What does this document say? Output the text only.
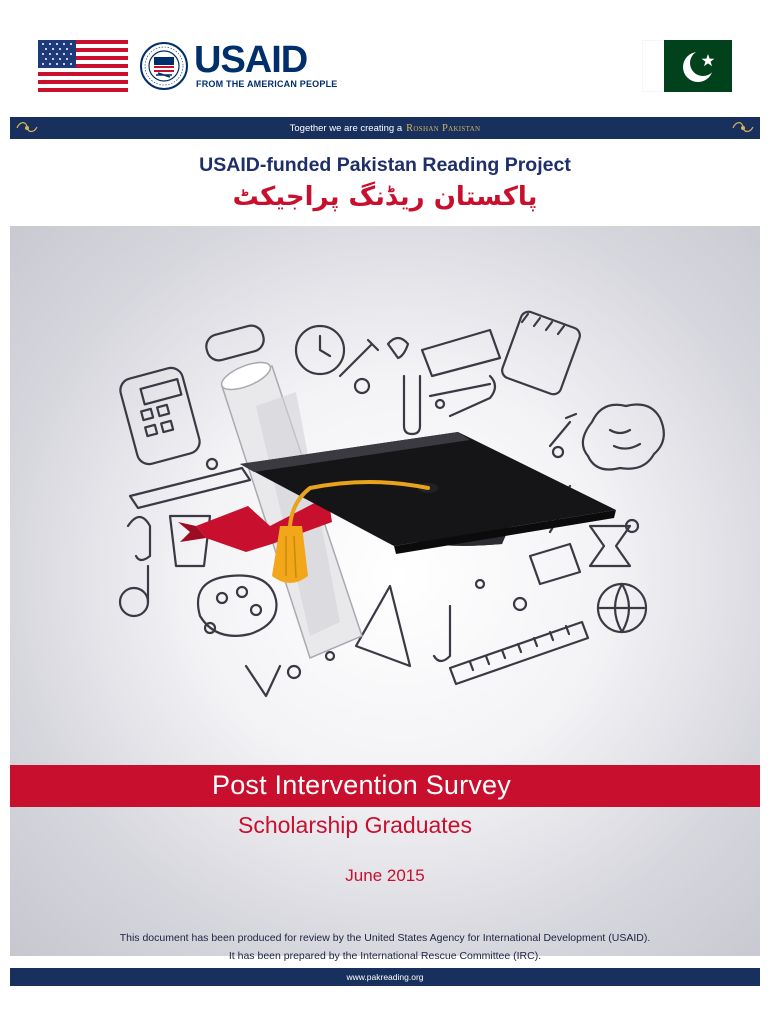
USAID
FROM THE AMERICAN PEOPLE
Together we are creating a Roshan Pakistan
USAID-funded Pakistan Reading Project
پاکستان ریڈنگ پراجیکٹ
Post Intervention Survey
Scholarship Graduates
June 2015
This document has been produced for review by the United States Agency for International Development (USAID).
It has been prepared by the International Rescue Committee (IRC).
www.pakreading.org
